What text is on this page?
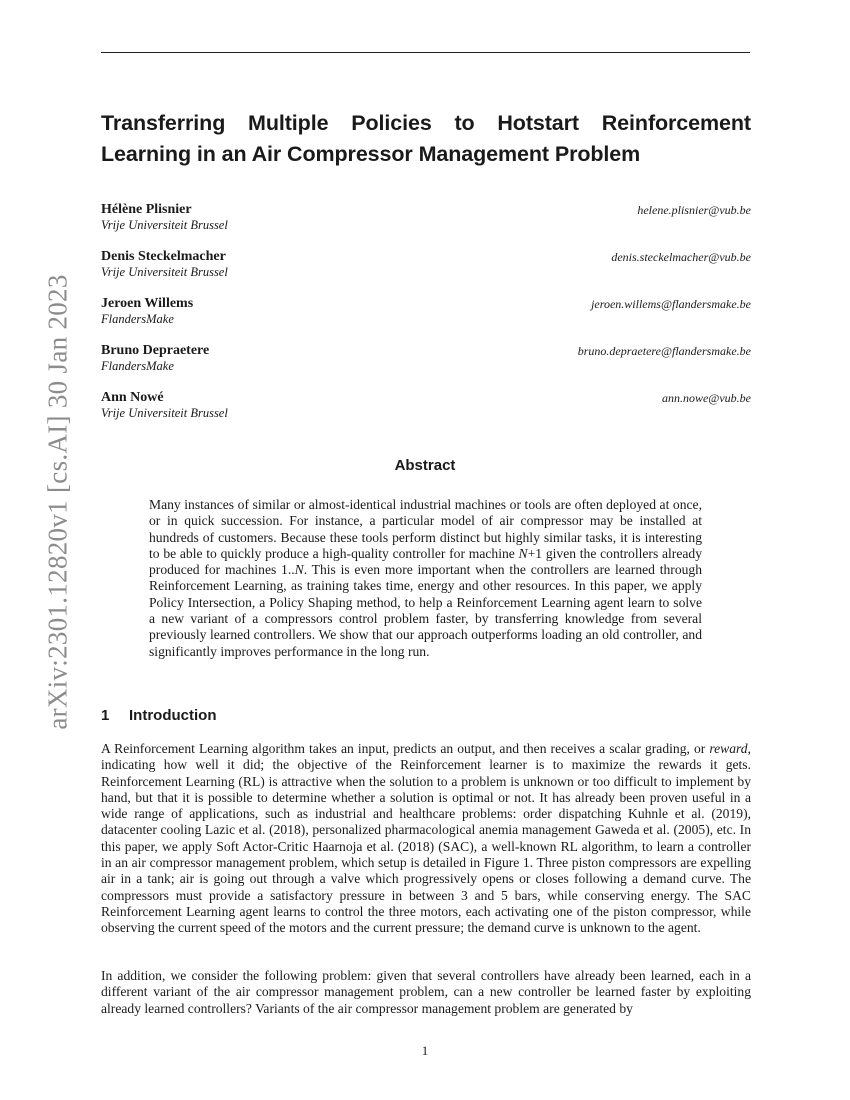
arXiv:2301.12820v1 [cs.AI] 30 Jan 2023
Transferring Multiple Policies to Hotstart Reinforcement Learning in an Air Compressor Management Problem
Hélène Plisnier
Vrije Universiteit Brussel
helene.plisnier@vub.be
Denis Steckelmacher
Vrije Universiteit Brussel
denis.steckelmacher@vub.be
Jeroen Willems
FlandersMake
jeroen.willems@flandersmake.be
Bruno Depraetere
FlandersMake
bruno.depraetere@flandersmake.be
Ann Nowé
Vrije Universiteit Brussel
ann.nowe@vub.be
Abstract

Many instances of similar or almost-identical industrial machines or tools are often deployed at once, or in quick succession. For instance, a particular model of air compressor may be installed at hundreds of customers. Because these tools perform distinct but highly similar tasks, it is interesting to be able to quickly produce a high-quality controller for machine N+1 given the controllers already produced for machines 1..N. This is even more important when the controllers are learned through Reinforcement Learning, as training takes time, energy and other resources. In this paper, we apply Policy Intersection, a Policy Shaping method, to help a Reinforcement Learning agent learn to solve a new variant of a compressors control problem faster, by transferring knowledge from several previously learned controllers. We show that our approach outperforms loading an old controller, and significantly improves performance in the long run.

1 Introduction

A Reinforcement Learning algorithm takes an input, predicts an output, and then receives a scalar grading, or reward, indicating how well it did; the objective of the Reinforcement learner is to maximize the rewards it gets. Reinforcement Learning (RL) is attractive when the solution to a problem is unknown or too difficult to implement by hand, but that it is possible to determine whether a solution is optimal or not. It has already been proven useful in a wide range of applications, such as industrial and healthcare problems: order dispatching Kuhnle et al. (2019), datacenter cooling Lazic et al. (2018), personalized pharmacological anemia management Gaweda et al. (2005), etc. In this paper, we apply Soft Actor-Critic Haarnoja et al. (2018) (SAC), a well-known RL algorithm, to learn a controller in an air compressor management problem, which setup is detailed in Figure 1. Three piston compressors are expelling air in a tank; air is going out through a valve which progressively opens or closes following a demand curve. The compressors must provide a satisfactory pressure in between 3 and 5 bars, while conserving energy. The SAC Reinforcement Learning agent learns to control the three motors, each activating one of the piston compressor, while observing the current speed of the motors and the current pressure; the demand curve is unknown to the agent.

In addition, we consider the following problem: given that several controllers have already been learned, each in a different variant of the air compressor management problem, can a new controller be learned faster by exploiting already learned controllers? Variants of the air compressor management problem are generated by

1
